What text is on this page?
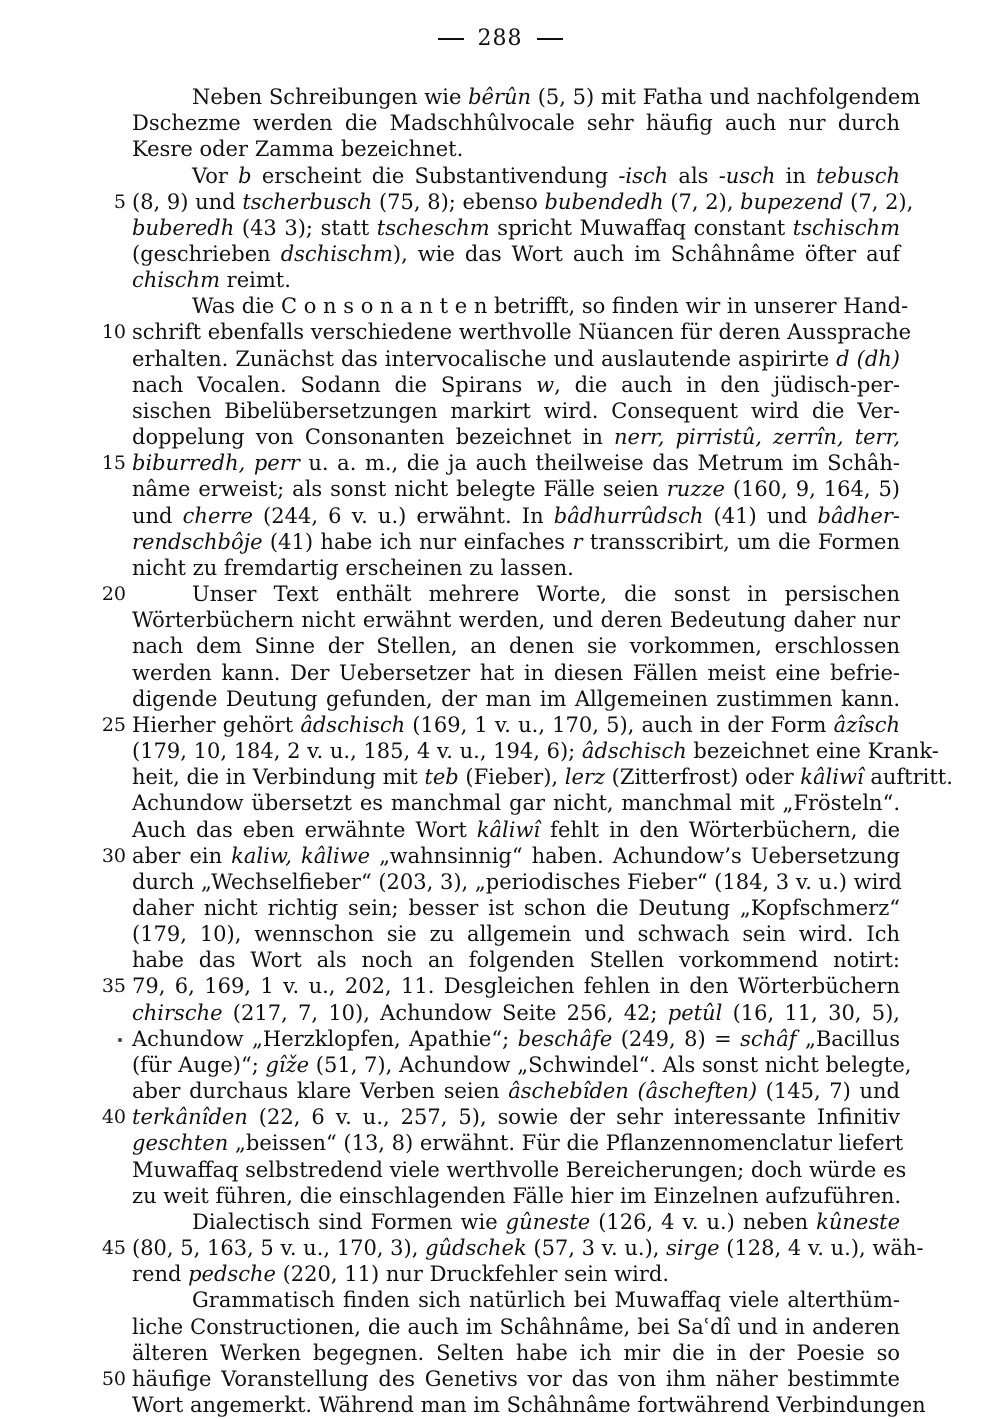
288
Neben Schreibungen wie bêrûn (5, 5) mit Fatha und nachfolgendem
Dschezme werden die Madschhûlvocale sehr häufig auch nur durch
Kesre oder Zamma bezeichnet.
Vor b erscheint die Substantivendung -isch als -usch in tebusch
(8, 9) und tscherbusch (75, 8); ebenso bubendedh (7, 2), bupezend (7, 2),
5
buberedh (43 3); statt tscheschm spricht Muwaffaq constant tschischm
(geschrieben dschischm), wie das Wort auch im Schâhnâme öfter auf
chischm reimt.
Was die C o n s o n a n t e n betrifft, so finden wir in unserer Hand-
schrift ebenfalls verschiedene werthvolle Nüancen für deren Aussprache
10
erhalten. Zunächst das intervocalische und auslautende aspirirte d (dh)
nach Vocalen. Sodann die Spirans w, die auch in den jüdisch-per-
sischen Bibelübersetzungen markirt wird. Consequent wird die Ver-
doppelung von Consonanten bezeichnet in nerr, pirristû, zerrîn, terr,
biburredh, perr u. a. m., die ja auch theilweise das Metrum im Schâh-
15
nâme erweist; als sonst nicht belegte Fälle seien ruzze (160, 9, 164, 5)
und cherre (244, 6 v. u.) erwähnt. In bâdhurrûdsch (41) und bâdher-
rendschbôje (41) habe ich nur einfaches r transscribirt, um die Formen
nicht zu fremdartig erscheinen zu lassen.
Unser Text enthält mehrere Worte, die sonst in persischen
20
Wörterbüchern nicht erwähnt werden, und deren Bedeutung daher nur
nach dem Sinne der Stellen, an denen sie vorkommen, erschlossen
werden kann. Der Uebersetzer hat in diesen Fällen meist eine befrie-
digende Deutung gefunden, der man im Allgemeinen zustimmen kann.
Hierher gehört âdschisch (169, 1 v. u., 170, 5), auch in der Form âzîsch
25
(179, 10, 184, 2 v. u., 185, 4 v. u., 194, 6); âdschisch bezeichnet eine Krank-
heit, die in Verbindung mit teb (Fieber), lerz (Zitterfrost) oder kâliwî auftritt.
Achundow übersetzt es manchmal gar nicht, manchmal mit „Frösteln“.
Auch das eben erwähnte Wort kâliwî fehlt in den Wörterbüchern, die
aber ein kaliw, kâliwe „wahnsinnig“ haben. Achundow’s Uebersetzung
30
durch „Wechselfieber“ (203, 3), „periodisches Fieber“ (184, 3 v. u.) wird
daher nicht richtig sein; besser ist schon die Deutung „Kopfschmerz“
(179, 10), wennschon sie zu allgemein und schwach sein wird. Ich
habe das Wort als noch an folgenden Stellen vorkommend notirt:
79, 6, 169, 1 v. u., 202, 11. Desgleichen fehlen in den Wörterbüchern
35
chirsche (217, 7, 10), Achundow Seite 256, 42; petûl (16, 11, 30, 5),
Achundow „Herzklopfen, Apathie“; beschâfe (249, 8) = schâf „Bacillus
(für Auge)“; gîže (51, 7), Achundow „Schwindel“. Als sonst nicht belegte,
aber durchaus klare Verben seien âschebîden (âscheften) (145, 7) und
terkânîden (22, 6 v. u., 257, 5), sowie der sehr interessante Infinitiv
40
geschten „beissen“ (13, 8) erwähnt. Für die Pflanzennomenclatur liefert
Muwaffaq selbstredend viele werthvolle Bereicherungen; doch würde es
zu weit führen, die einschlagenden Fälle hier im Einzelnen aufzuführen.
Dialectisch sind Formen wie gûneste (126, 4 v. u.) neben kûneste
(80, 5, 163, 5 v. u., 170, 3), gûdschek (57, 3 v. u.), sirge (128, 4 v. u.), wäh-
45
rend pedsche (220, 11) nur Druckfehler sein wird.
Grammatisch finden sich natürlich bei Muwaffaq viele alterthüm-
liche Constructionen, die auch im Schâhnâme, bei Saʿdî und in anderen
älteren Werken begegnen. Selten habe ich mir die in der Poesie so
häufige Voranstellung des Genetivs vor das von ihm näher bestimmte
50
Wort angemerkt. Während man im Schâhnâme fortwährend Verbindungen
